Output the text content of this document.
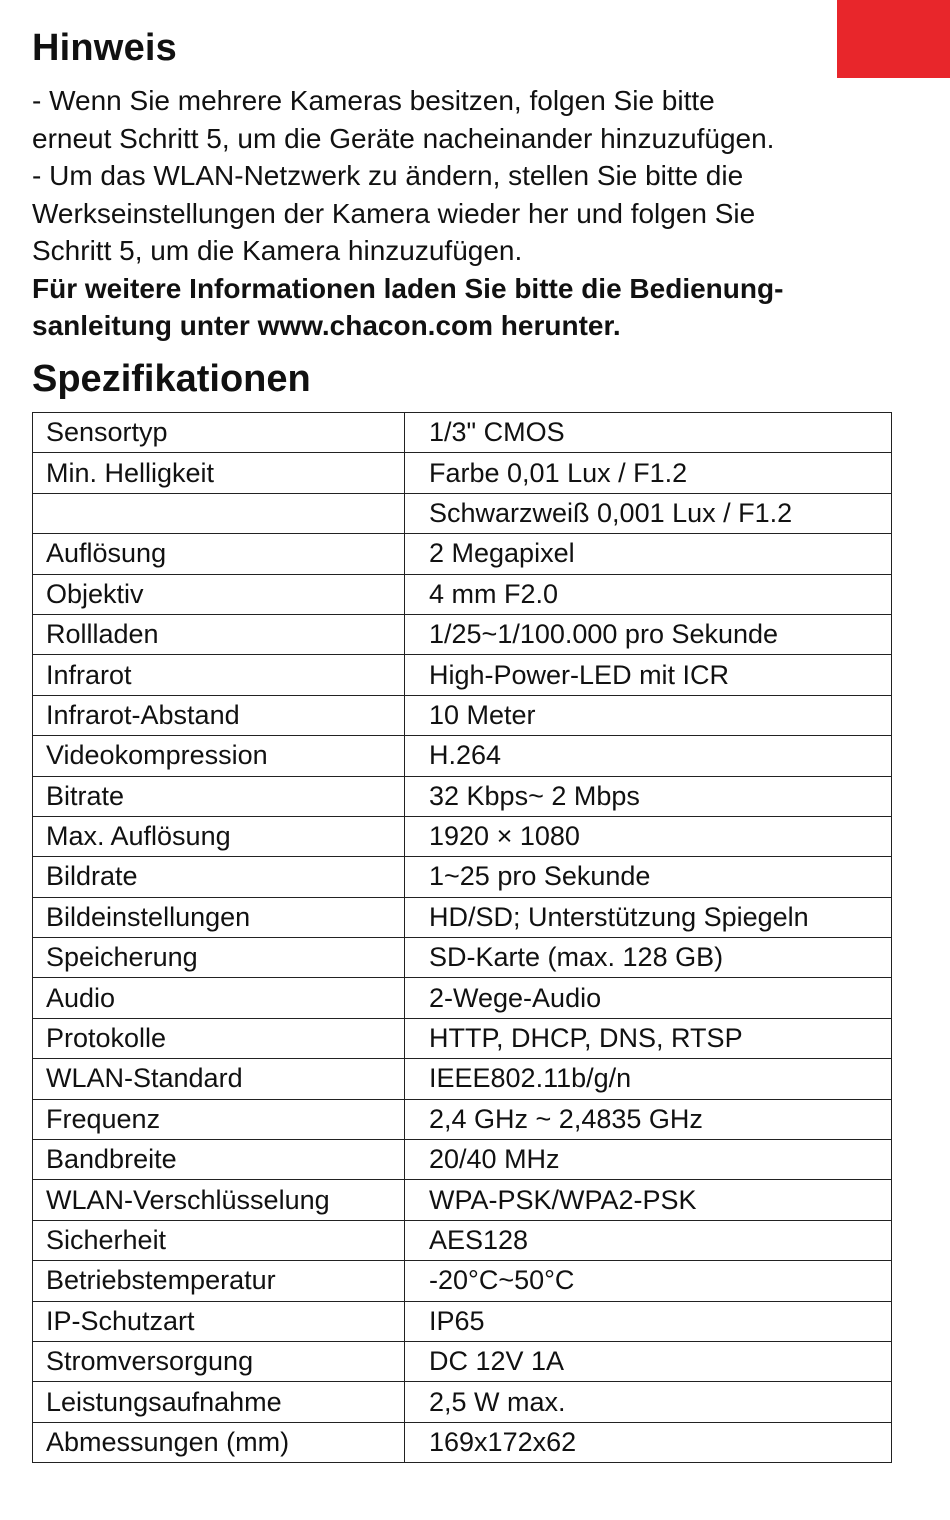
Hinweis
- Wenn Sie mehrere Kameras besitzen, folgen Sie bitte
erneut Schritt 5, um die Geräte nacheinander hinzuzufügen.
- Um das WLAN-Netzwerk zu ändern, stellen Sie bitte die
Werkseinstellungen der Kamera wieder her und folgen Sie
Schritt 5, um die Kamera hinzuzufügen.
Für weitere Informationen laden Sie bitte die Bedienung-
sanleitung unter www.chacon.com herunter.
Spezifikationen
Sensortyp	1/3" CMOS
Min. Helligkeit	Farbe 0,01 Lux / F1.2
	Schwarzweiß 0,001 Lux / F1.2
Auflösung	2 Megapixel
Objektiv	4 mm F2.0
Rollladen	1/25~1/100.000 pro Sekunde
Infrarot	High-Power-LED mit ICR
Infrarot-Abstand	10 Meter
Videokompression	H.264
Bitrate	32 Kbps~ 2 Mbps
Max. Auflösung	1920 × 1080
Bildrate	1~25 pro Sekunde
Bildeinstellungen	HD/SD; Unterstützung Spiegeln
Speicherung	SD-Karte (max. 128 GB)
Audio	2-Wege-Audio
Protokolle	HTTP, DHCP, DNS, RTSP
WLAN-Standard	IEEE802.11b/g/n
Frequenz	2,4 GHz ~ 2,4835 GHz
Bandbreite	20/40 MHz
WLAN-Verschlüsselung	WPA-PSK/WPA2-PSK
Sicherheit	AES128
Betriebstemperatur	-20°C~50°C
IP-Schutzart	IP65
Stromversorgung	DC 12V 1A
Leistungsaufnahme	2,5 W max.
Abmessungen (mm)	169x172x62
